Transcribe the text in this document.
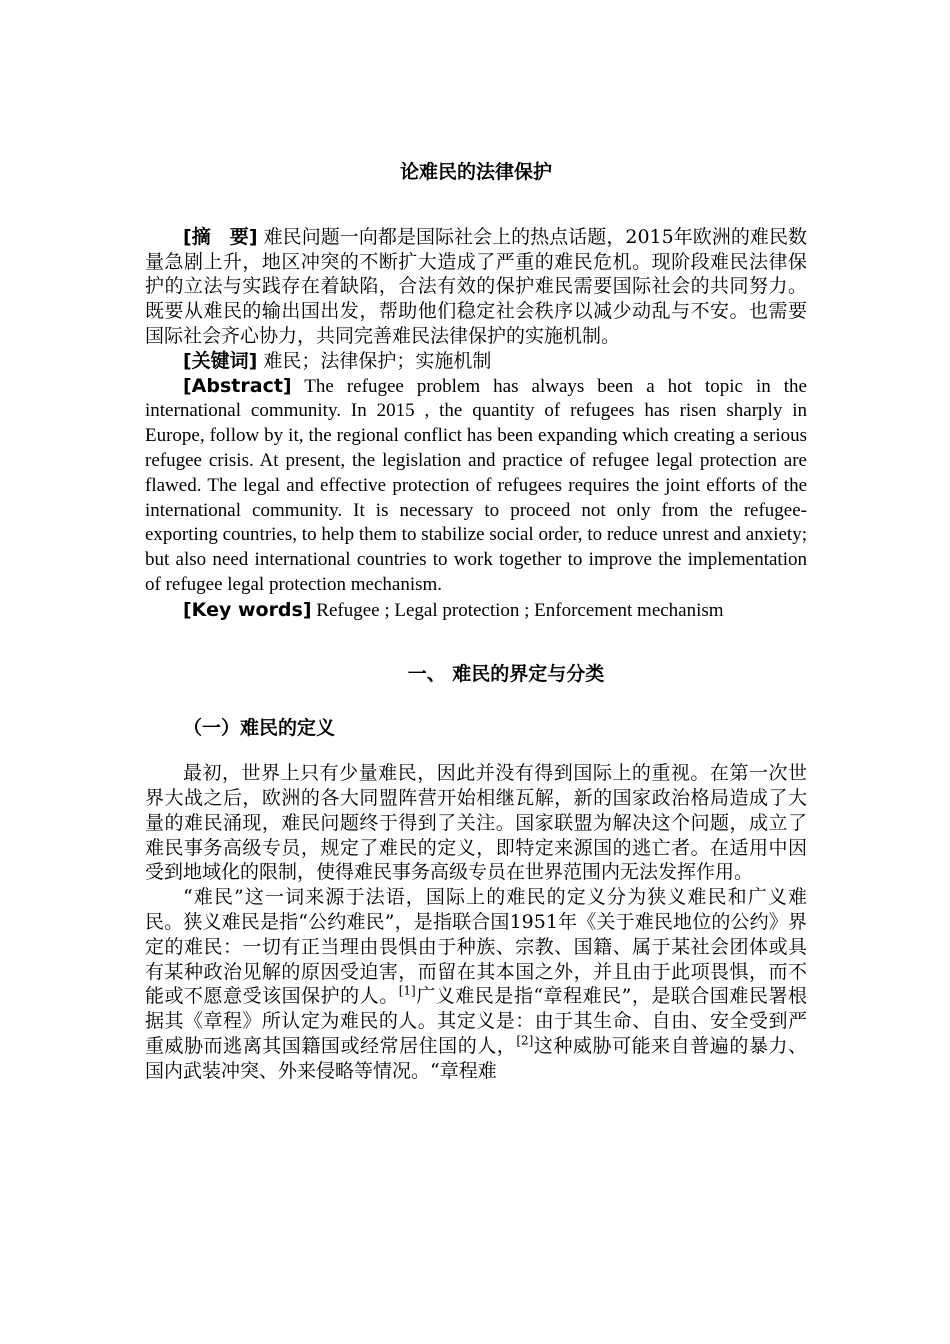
论难民的法律保护

[摘　要] 难民问题一向都是国际社会上的热点话题，2015年欧洲的难民数量急剧上升，地区冲突的不断扩大造成了严重的难民危机。现阶段难民法律保护的立法与实践存在着缺陷，合法有效的保护难民需要国际社会的共同努力。既要从难民的输出国出发，帮助他们稳定社会秩序以减少动乱与不安。也需要国际社会齐心协力，共同完善难民法律保护的实施机制。

[关键词] 难民；法律保护；实施机制

[Abstract] The refugee problem has always been a hot topic in the international community. In 2015 , the quantity of refugees has risen sharply in Europe, follow by it, the regional conflict has been expanding which creating a serious refugee crisis. At present, the legislation and practice of refugee legal protection are flawed. The legal and effective protection of refugees requires the joint efforts of the international community. It is necessary to proceed not only from the refugee-exporting countries, to help them to stabilize social order, to reduce unrest and anxiety; but also need international countries to work together to improve the implementation of refugee legal protection mechanism.

[Key words] Refugee ; Legal protection ; Enforcement mechanism

一、 难民的界定与分类
（一）难民的定义

最初，世界上只有少量难民，因此并没有得到国际上的重视。在第一次世界大战之后，欧洲的各大同盟阵营开始相继瓦解，新的国家政治格局造成了大量的难民涌现，难民问题终于得到了关注。国家联盟为解决这个问题，成立了难民事务高级专员，规定了难民的定义，即特定来源国的逃亡者。在适用中因受到地域化的限制，使得难民事务高级专员在世界范围内无法发挥作用。

“难民”这一词来源于法语，国际上的难民的定义分为狭义难民和广义难民。狭义难民是指“公约难民”，是指联合国1951年《关于难民地位的公约》界定的难民：一切有正当理由畏惧由于种族、宗教、国籍、属于某社会团体或具有某种政治见解的原因受迫害，而留在其本国之外，并且由于此项畏惧，而不能或不愿意受该国保护的人。[1]广义难民是指“章程难民”，是联合国难民署根据其《章程》所认定为难民的人。其定义是：由于其生命、自由、安全受到严重威胁而逃离其国籍国或经常居住国的人，[2]这种威胁可能来自普遍的暴力、国内武装冲突、外来侵略等情况。“章程难
